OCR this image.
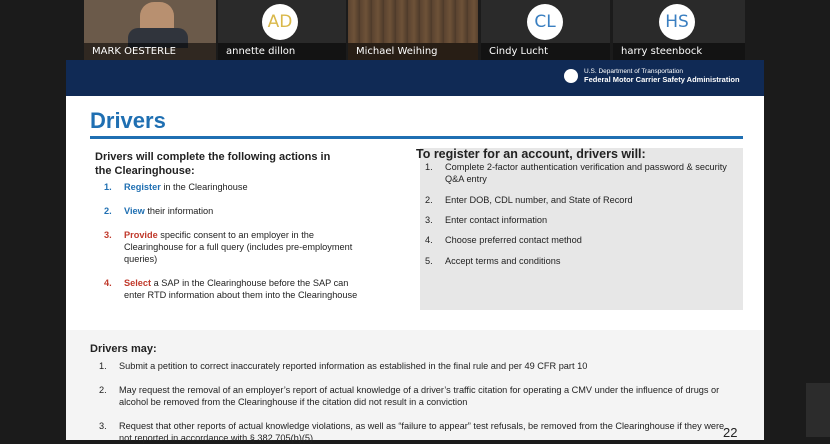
MARK OESTERLE
AD
annette dillon	Michael Weihing
CL
Cindy Lucht
HS
harry steenbock
U.S. Department of Transportation
Federal Motor Carrier Safety Administration
Drivers
Drivers will complete the following actions in the Clearinghouse:
1.	Register in the Clearinghouse
2.	View their information
3.	Provide specific consent to an employer in the Clearinghouse for a full query (includes pre-employment queries)
4.	Select a SAP in the Clearinghouse before the SAP can enter RTD information about them into the Clearinghouse
To register for an account, drivers will:
1. Complete 2-factor authentication verification and password & security Q&A entry
2. Enter DOB, CDL number, and State of Record
3. Enter contact information
4. Choose preferred contact method
5. Accept terms and conditions
Drivers may:
1. Submit a petition to correct inaccurately reported information as established in the final rule and per 49 CFR part 10
2. May request the removal of an employer’s report of actual knowledge of a driver’s traffic citation for operating a CMV under the influence of drugs or alcohol be removed from the Clearinghouse if the citation did not result in a conviction
3. Request that other reports of actual knowledge violations, as well as “failure to appear” test refusals, be removed from the Clearinghouse if they were not reported in accordance with § 382.705(b)(5)	22
